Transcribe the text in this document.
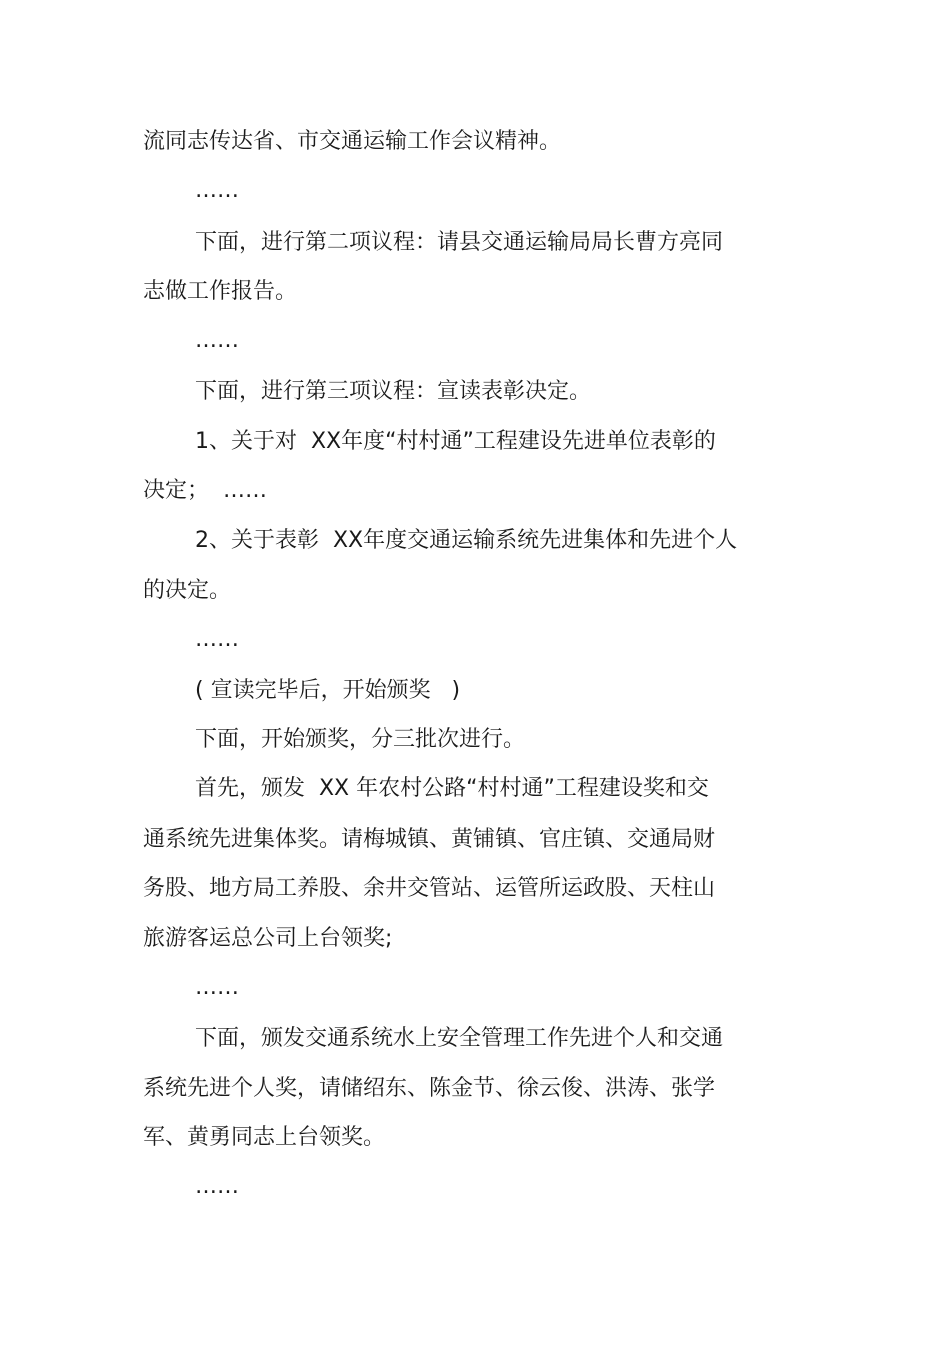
流同志传达省、市交通运输工作会议精神。
……
下面，进行第二项议程：请县交通运输局局长曹方亮同
志做工作报告。
……
下面，进行第三项议程：宣读表彰决定。
1、关于对  XX年度“村村通”工程建设先进单位表彰的
决定；  ……
2、关于表彰  XX年度交通运输系统先进集体和先进个人
的决定。
……
( 宣读完毕后，开始颁奖   )
下面，开始颁奖，分三批次进行。
首先，颁发  XX 年农村公路“村村通”工程建设奖和交
通系统先进集体奖。请梅城镇、黄铺镇、官庄镇、交通局财
务股、地方局工养股、余井交管站、运管所运政股、天柱山
旅游客运总公司上台领奖;
……
下面，颁发交通系统水上安全管理工作先进个人和交通
系统先进个人奖，请储绍东、陈金节、徐云俊、洪涛、张学
军、黄勇同志上台领奖。
……
